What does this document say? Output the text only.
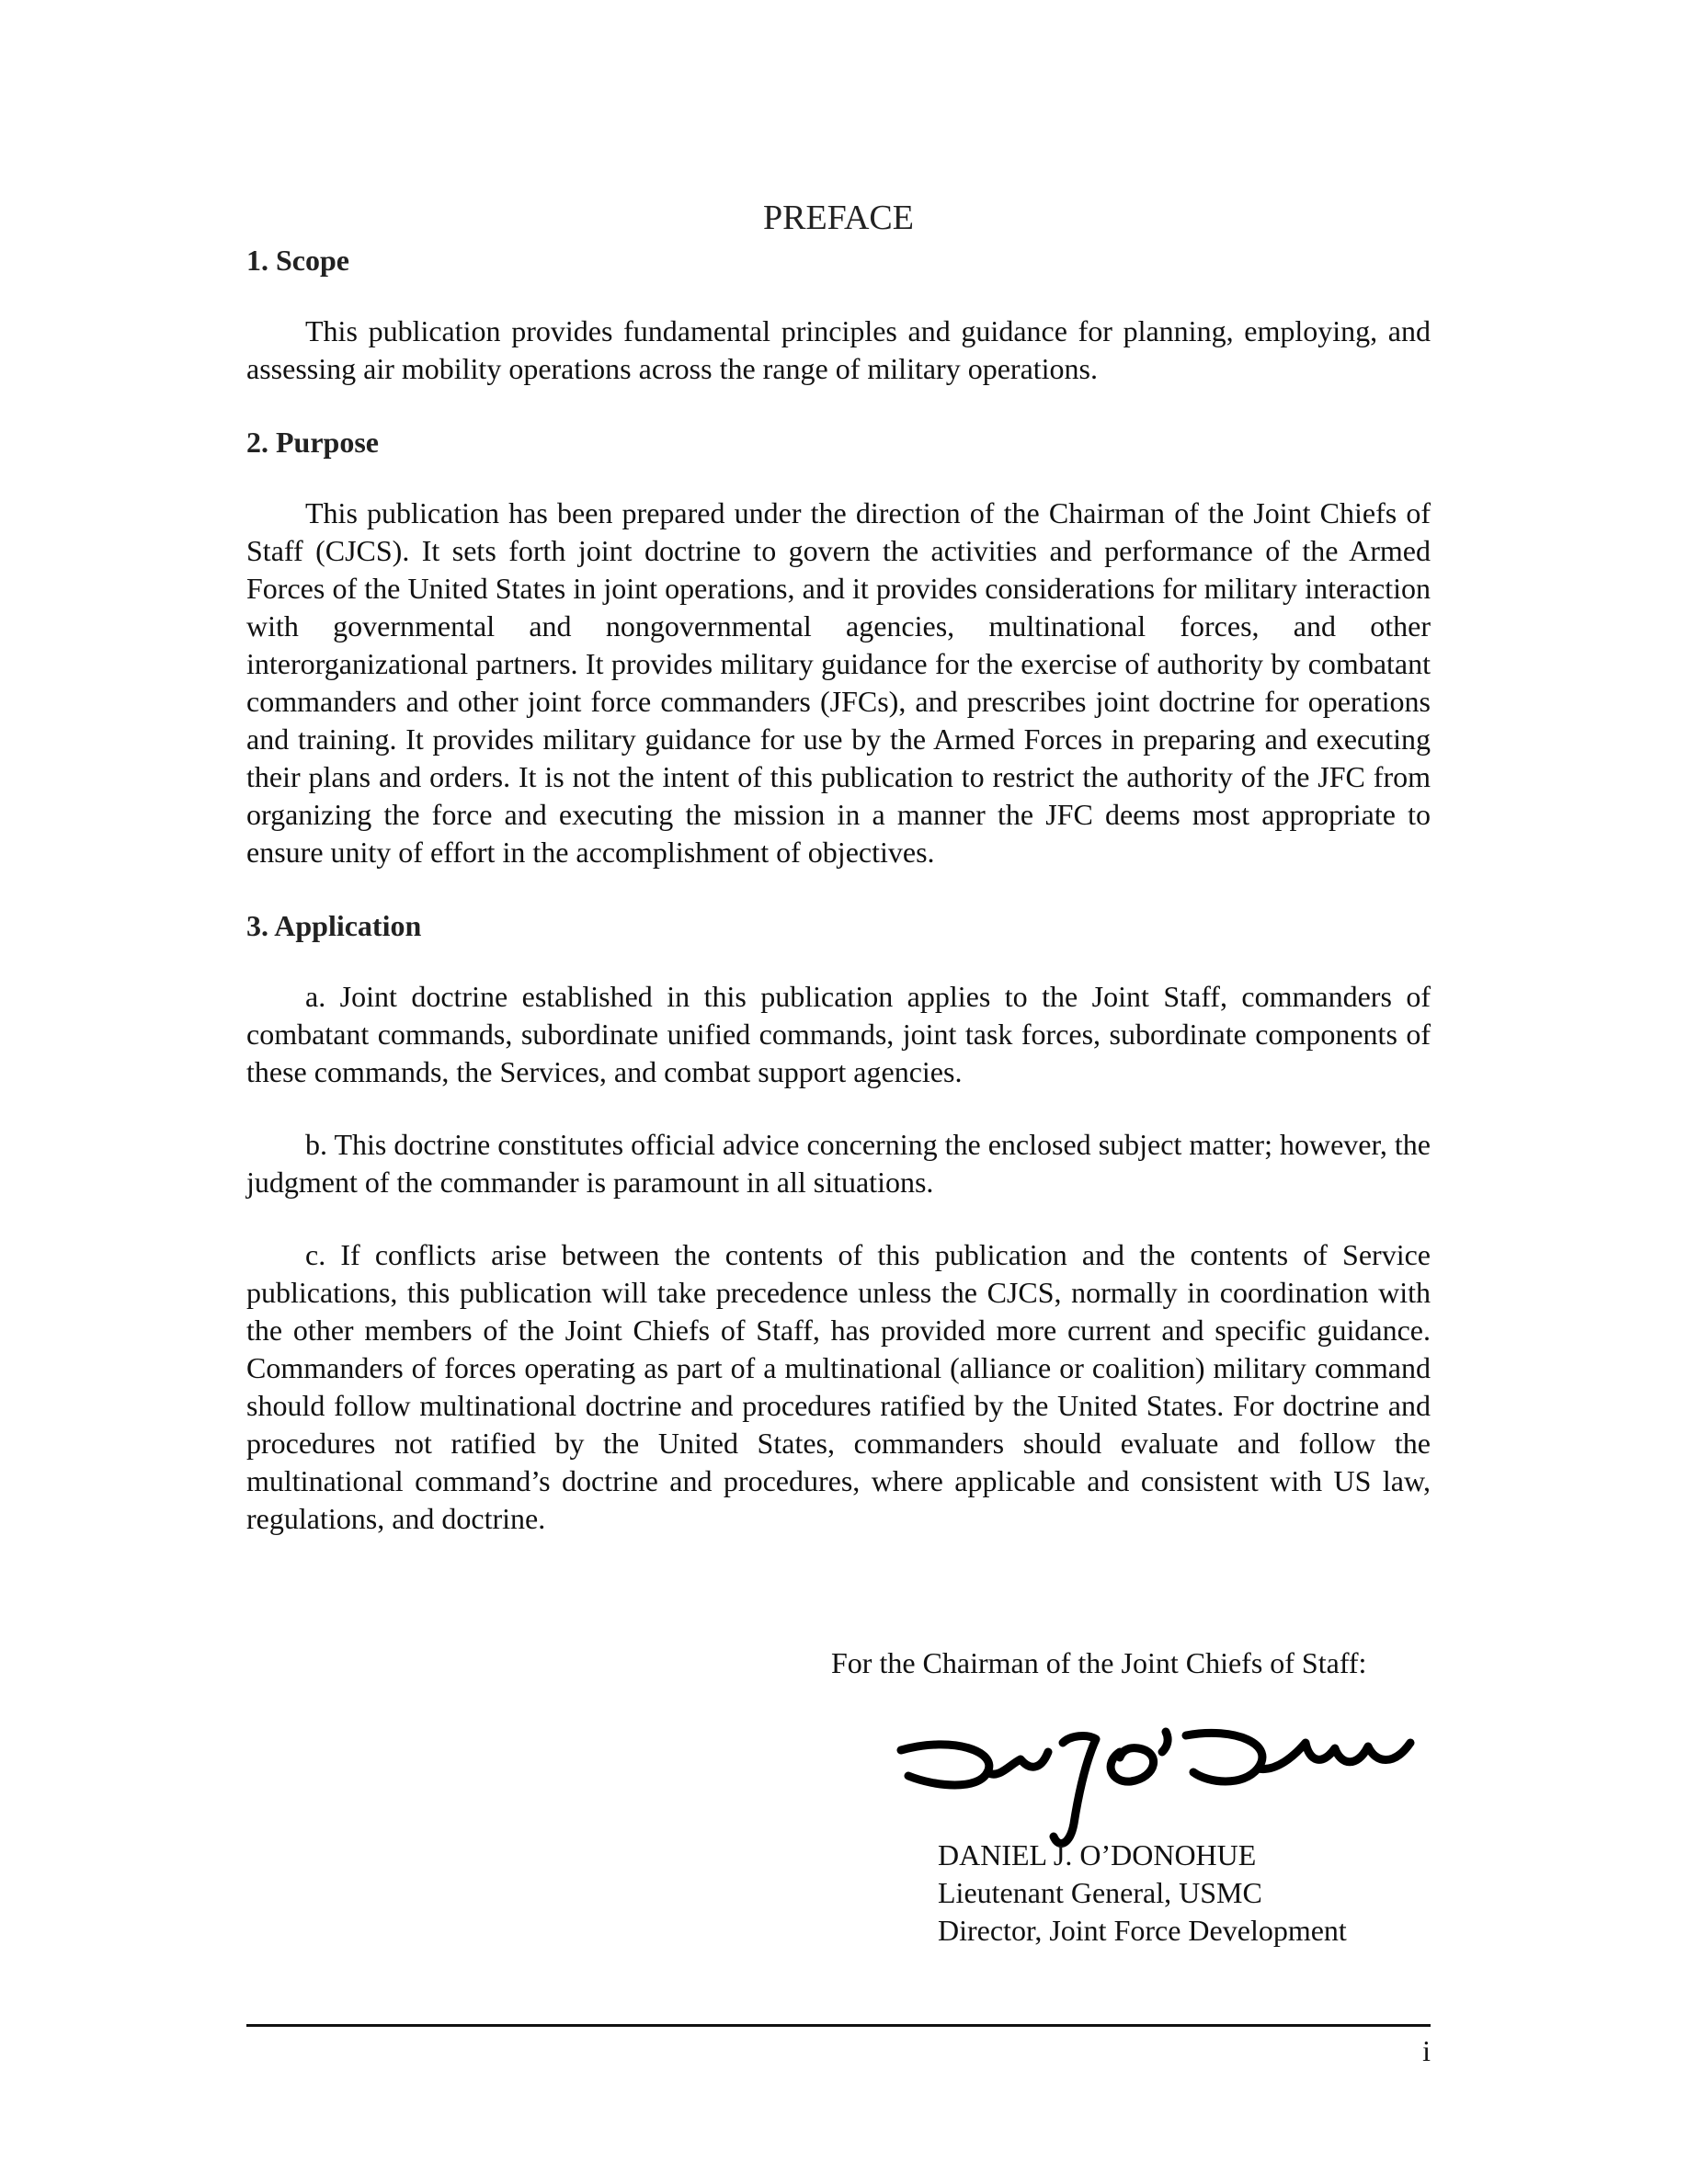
PREFACE
1. Scope

This publication provides fundamental principles and guidance for planning, employing, and assessing air mobility operations across the range of military operations.

2. Purpose

This publication has been prepared under the direction of the Chairman of the Joint Chiefs of Staff (CJCS). It sets forth joint doctrine to govern the activities and performance of the Armed Forces of the United States in joint operations, and it provides considerations for military interaction with governmental and nongovernmental agencies, multinational forces, and other interorganizational partners. It provides military guidance for the exercise of authority by combatant commanders and other joint force commanders (JFCs), and prescribes joint doctrine for operations and training. It provides military guidance for use by the Armed Forces in preparing and executing their plans and orders. It is not the intent of this publication to restrict the authority of the JFC from organizing the force and executing the mission in a manner the JFC deems most appropriate to ensure unity of effort in the accomplishment of objectives.

3. Application

a. Joint doctrine established in this publication applies to the Joint Staff, commanders of combatant commands, subordinate unified commands, joint task forces, subordinate components of these commands, the Services, and combat support agencies.

b. This doctrine constitutes official advice concerning the enclosed subject matter; however, the judgment of the commander is paramount in all situations.

c. If conflicts arise between the contents of this publication and the contents of Service publications, this publication will take precedence unless the CJCS, normally in coordination with the other members of the Joint Chiefs of Staff, has provided more current and specific guidance. Commanders of forces operating as part of a multinational (alliance or coalition) military command should follow multinational doctrine and procedures ratified by the United States. For doctrine and procedures not ratified by the United States, commanders should evaluate and follow the multinational command’s doctrine and procedures, where applicable and consistent with US law, regulations, and doctrine.

For the Chairman of the Joint Chiefs of Staff:
DANIEL J. O’DONOHUE
Lieutenant General, USMC
Director, Joint Force Development
i
